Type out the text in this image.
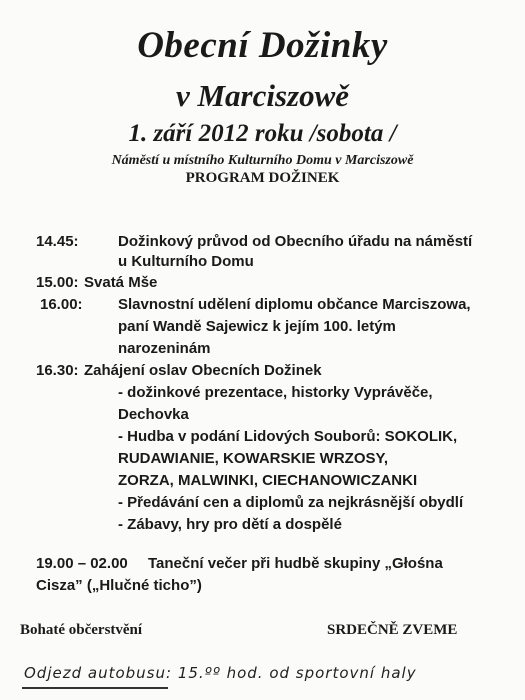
Obecní Dožinky
v Marciszowě
1. září 2012 roku /sobota /
Náměstí u místního Kulturního Domu v Marciszowě
PROGRAM DOŽINEK
14.45:	Dožinkový průvod od Obecního úřadu na náměstí
u Kulturního Domu
15.00: Svatá Mše
16.00: Slavnostní udělení diplomu občance Marciszowa,
paní Wandě Sajewicz k jejím 100. letým
narozeninám
16.30: Zahájení oslav Obecních Dožinek
- dožinkové prezentace, historky Vyprávěče,
Dechovka
- Hudba v podání Lidových Souborů: SOKOLIK,
RUDAWIANIE, KOWARSKIE WRZOSY,
ZORZA, MALWINKI, CIECHANOWICZANKI
- Předávání cen a diplomů za nejkrásnější obydlí
- Zábavy, hry pro dětí a dospělé
19.00 – 02.00 Taneční večer při hudbě skupiny „Głośna
Cisza” („Hlučné ticho”)
Bohaté občerstvění	SRDEČNĚ ZVEME
Odjezd autobusu: 15.ºº hod. od sportovní haly
